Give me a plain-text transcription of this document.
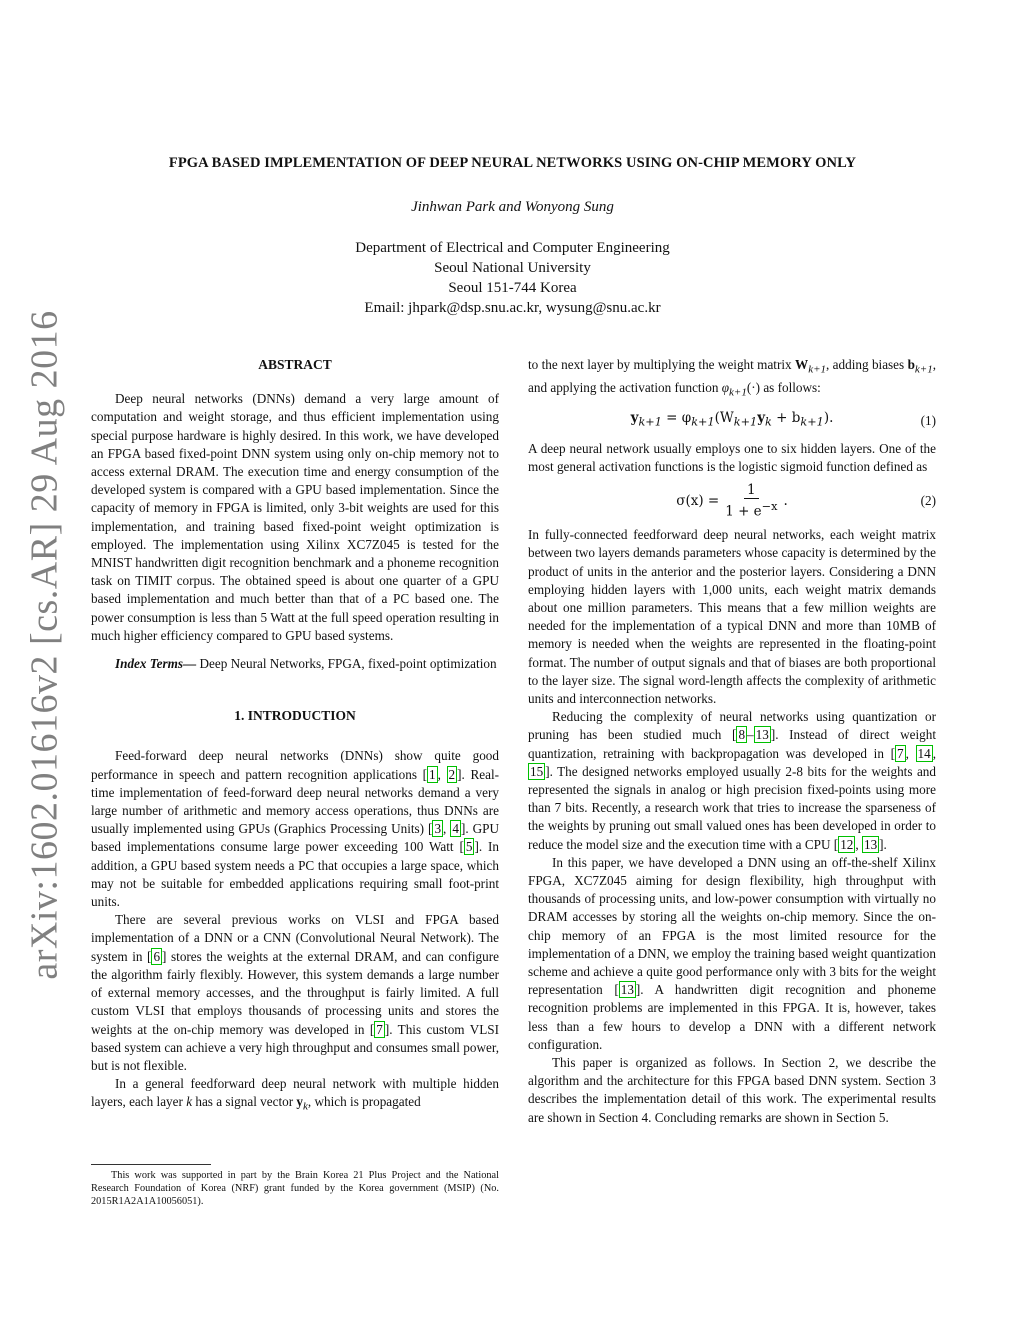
arXiv:1602.01616v2 [cs.AR] 29 Aug 2016
FPGA BASED IMPLEMENTATION OF DEEP NEURAL NETWORKS USING ON-CHIP MEMORY ONLY
Jinhwan Park and Wonyong Sung
Department of Electrical and Computer Engineering
Seoul National University
Seoul 151-744 Korea
Email: jhpark@dsp.snu.ac.kr, wysung@snu.ac.kr
ABSTRACT

Deep neural networks (DNNs) demand a very large amount of computation and weight storage, and thus efficient implementation using special purpose hardware is highly desired. In this work, we have developed an FPGA based fixed-point DNN system using only on-chip memory not to access external DRAM. The execution time and energy consumption of the developed system is compared with a GPU based implementation. Since the capacity of memory in FPGA is limited, only 3-bit weights are used for this implementation, and training based fixed-point weight optimization is employed. The implementation using Xilinx XC7Z045 is tested for the MNIST handwritten digit recognition benchmark and a phoneme recognition task on TIMIT corpus. The obtained speed is about one quarter of a GPU based implementation and much better than that of a PC based one. The power consumption is less than 5 Watt at the full speed operation resulting in much higher efficiency compared to GPU based systems.

Index Terms— Deep Neural Networks, FPGA, fixed-point optimization

1. INTRODUCTION

Feed-forward deep neural networks (DNNs) show quite good performance in speech and pattern recognition applications [ 1 , 2 ]. Real-time implementation of feed-forward deep neural networks demand a very large number of arithmetic and memory access operations, thus DNNs are usually implemented using GPUs (Graphics Processing Units) [ 3 , 4 ]. GPU based implementations consume large power exceeding 100 Watt [ 5 ]. In addition, a GPU based system needs a PC that occupies a large space, which may not be suitable for embedded applications requiring small foot-print units.

There are several previous works on VLSI and FPGA based implementation of a DNN or a CNN (Convolutional Neural Network). The system in [ 6 ] stores the weights at the external DRAM, and can configure the algorithm fairly flexibly. However, this system demands a large number of external memory accesses, and the throughput is fairly limited. A full custom VLSI that employs thousands of processing units and stores the weights at the on-chip memory was developed in [ 7 ]. This custom VLSI based system can achieve a very high throughput and consumes small power, but is not flexible.

In a general feedforward deep neural network with multiple hidden layers, each layer k has a signal vector $y_k$, which is propagated

This work was supported in part by the Brain Korea 21 Plus Project and the National Research Foundation of Korea (NRF) grant funded by the Korea government (MSIP) (No. 2015R1A2A1A10056051).

to the next layer by multiplying the weight matrix $W_{k+1}$, adding biases $b_{k+1}$, and applying the activation function $\varphi_{k+1}(\cdot)$ as follows:

$y_{k+1} = \varphi_{k+1}(W_{k+1}y_k + b_{k+1})$.	(1)

A deep neural network usually employs one to six hidden layers. One of the most general activation functions is the logistic sigmoid function defined as

$\sigma(x) = \frac{1}{1 + e^{-x}}$ .	(2)

In fully-connected feedforward deep neural networks, each weight matrix between two layers demands parameters whose capacity is determined by the product of units in the anterior and the posterior layers. Considering a DNN employing hidden layers with 1,000 units, each weight matrix demands about one million parameters. This means that a few million weights are needed for the implementation of a typical DNN and more than 10MB of memory is needed when the weights are represented in the floating-point format. The number of output signals and that of biases are both proportional to the layer size. The signal word-length affects the complexity of arithmetic units and interconnection networks.

Reducing the complexity of neural networks using quantization or pruning has been studied much [ 8 – 13 ]. Instead of direct weight quantization, retraining with backpropagation was developed in [ 7 , 14 , 15 ]. The designed networks employed usually 2-8 bits for the weights and represented the signals in analog or high precision fixed-points using more than 7 bits. Recently, a research work that tries to increase the sparseness of the weights by pruning out small valued ones has been developed in order to reduce the model size and the execution time with a CPU [ 12 , 13 ].

In this paper, we have developed a DNN using an off-the-shelf Xilinx FPGA, XC7Z045 aiming for design flexibility, high throughput with thousands of processing units, and low-power consumption with virtually no DRAM accesses by storing all the weights on-chip memory. Since the on-chip memory of an FPGA is the most limited resource for the implementation of a DNN, we employ the training based weight quantization scheme and achieve a quite good performance only with 3 bits for the weight representation [ 13 ]. A handwritten digit recognition and phoneme recognition problems are implemented in this FPGA. It is, however, takes less than a few hours to develop a DNN with a different network configuration.

This paper is organized as follows. In Section 2, we describe the algorithm and the architecture for this FPGA based DNN system. Section 3 describes the implementation detail of this work. The experimental results are shown in Section 4. Concluding remarks are shown in Section 5.
